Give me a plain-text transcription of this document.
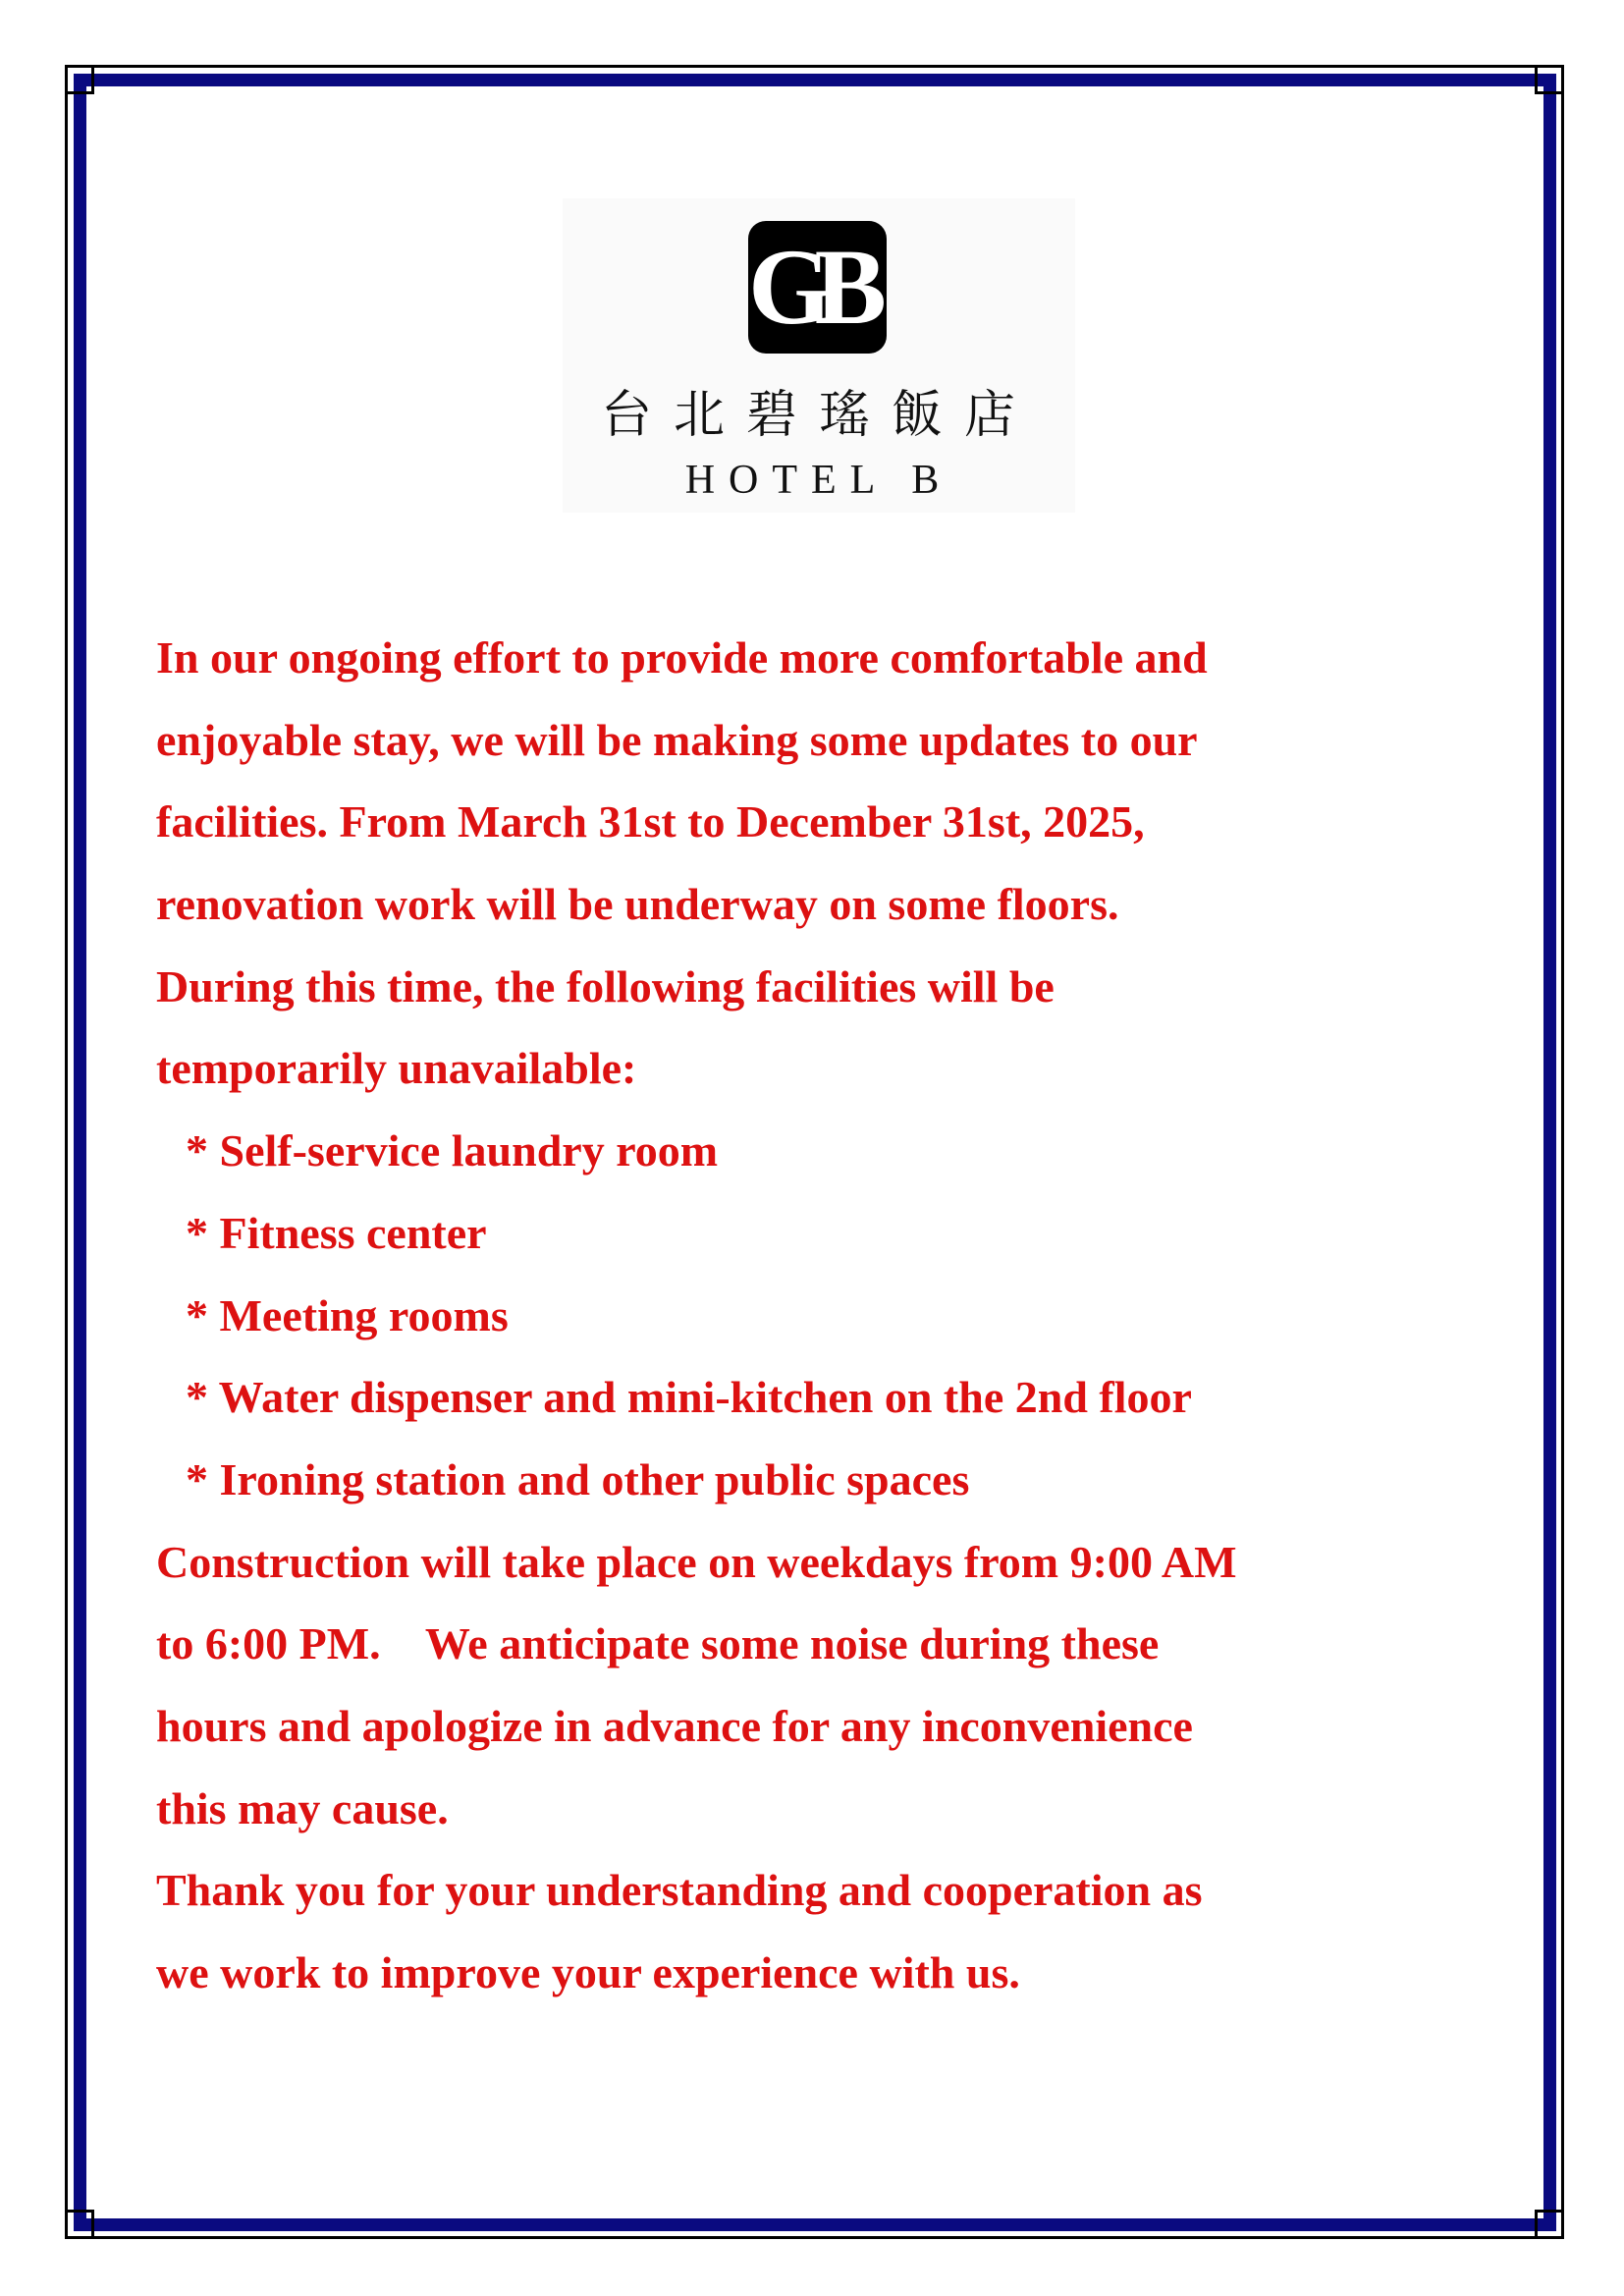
GB
台北碧瑤飯店
HOTEL B
In our ongoing effort to provide more comfortable and
enjoyable stay, we will be making some updates to our
facilities. From March 31st to December 31st, 2025,
renovation work will be underway on some floors.
During this time, the following facilities will be
temporarily unavailable:
* Self-service laundry room
* Fitness center
* Meeting rooms
* Water dispenser and mini-kitchen on the 2nd floor
* Ironing station and other public spaces
Construction will take place on weekdays from 9:00 AM
to 6:00 PM.    We anticipate some noise during these
hours and apologize in advance for any inconvenience
this may cause.
Thank you for your understanding and cooperation as
we work to improve your experience with us.
